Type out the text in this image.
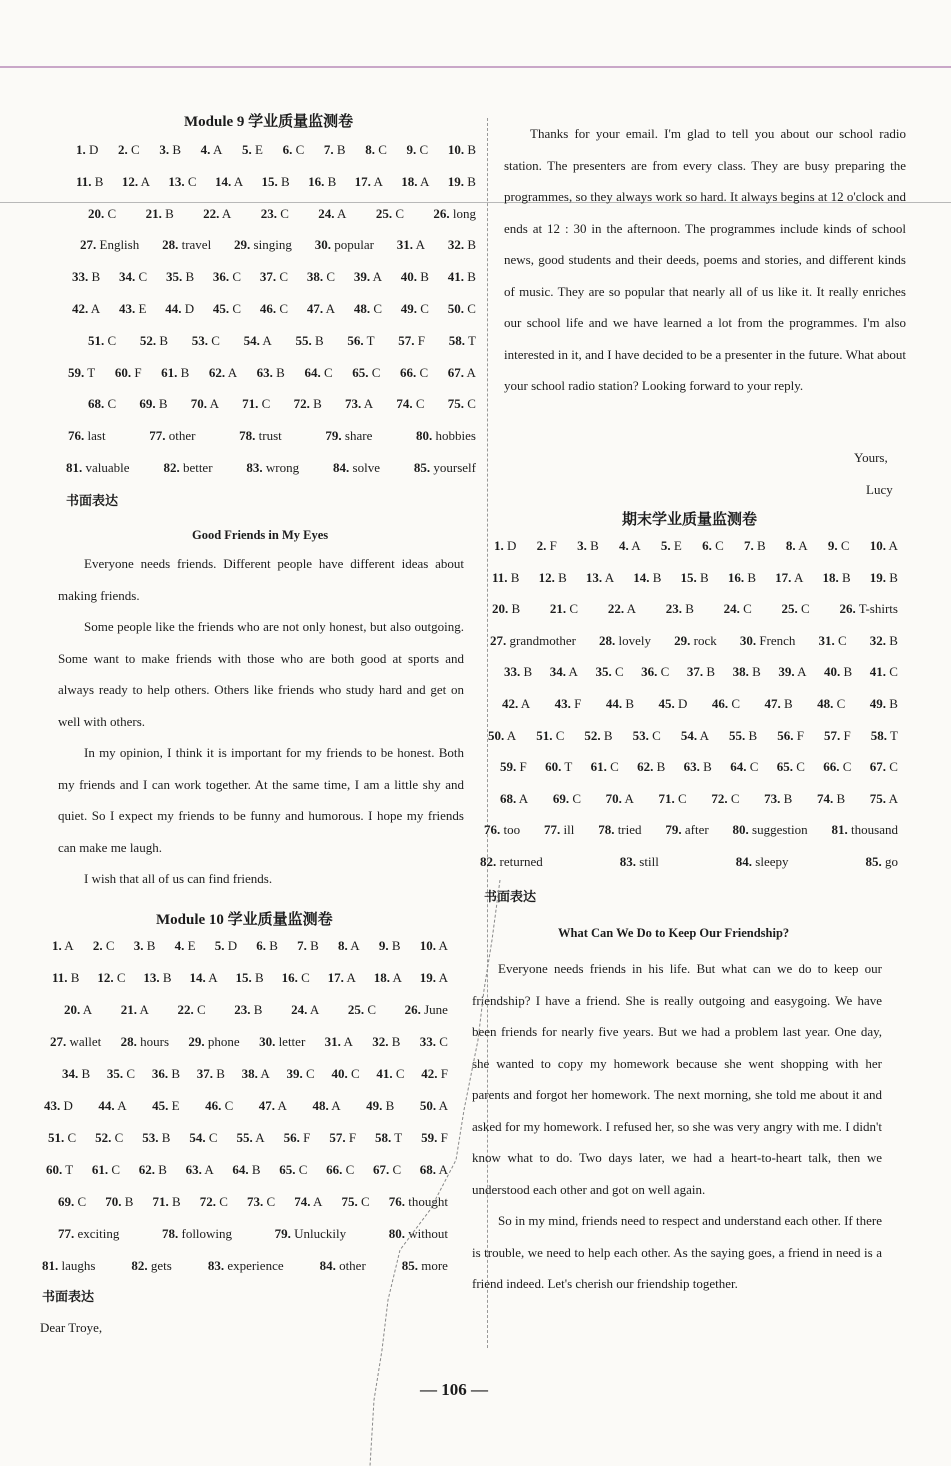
Module 9 学业质量监测卷
1. D 2. C 3. B 4. A 5. E 6. C 7. B 8. C 9. C 10. B
11. B 12. A 13. C 14. A 15. B 16. B 17. A 18. A 19. B
20. C 21. B 22. A 23. C 24. A 25. C 26. long
27. English 28. travel 29. singing 30. popular 31. A 32. B
33. B 34. C 35. B 36. C 37. C 38. C 39. A 40. B 41. B
42. A 43. E 44. D 45. C 46. C 47. A 48. C 49. C 50. C
51. C 52. B 53. C 54. A 55. B 56. T 57. F 58. T
59. T 60. F 61. B 62. A 63. B 64. C 65. C 66. C 67. A
68. C 69. B 70. A 71. C 72. B 73. A 74. C 75. C
76. last	77. other	78. trust	79. share	80. hobbies
81. valuable	82. better	83. wrong	84. solve	85. yourself
书面表达
Good Friends in My Eyes

Everyone needs friends. Different people have different ideas about making friends.

Some people like the friends who are not only honest, but also outgoing. Some want to make friends with those who are both good at sports and always ready to help others. Others like friends who study hard and get on well with others.

In my opinion, I think it is important for my friends to be honest. Both my friends and I can work together. At the same time, I am a little shy and quiet. So I expect my friends to be funny and humorous. I hope my friends can make me laugh.

I wish that all of us can find friends.

Module 10 学业质量监测卷
1. A 2. C 3. B 4. E 5. D 6. B 7. B 8. A 9. B 10. A
11. B 12. C 13. B 14. A 15. B 16. C 17. A 18. A 19. A
20. A 21. A 22. C 23. B 24. A 25. C 26. June
27. wallet 28. hours 29. phone 30. letter 31. A 32. B 33. C
34. B 35. C 36. B 37. B 38. A 39. C 40. C 41. C 42. F
43. D 44. A 45. E 46. C 47. A 48. A 49. B 50. A
51. C 52. C 53. B 54. C 55. A 56. F 57. F 58. T 59. F
60. T 61. C 62. B 63. A 64. B 65. C 66. C 67. C 68. A
69. C 70. B 71. B 72. C 73. C 74. A 75. C 76. thought
77. exciting	78. following	79. Unluckily	80. without
81. laughs	82. gets	83. experience	84. other	85. more
书面表达
Dear Troye,

Thanks for your email. I'm glad to tell you about our school radio station. The presenters are from every class. They are busy preparing the programmes, so they always work so hard. It always begins at 12 o'clock and ends at 12 : 30 in the afternoon. The programmes include kinds of school news, good students and their deeds, poems and stories, and different kinds of music. They are so popular that nearly all of us like it. It really enriches our school life and we have learned a lot from the programmes. I'm also interested in it, and I have decided to be a presenter in the future. What about your school radio station? Looking forward to your reply.

Yours,
Lucy
期末学业质量监测卷
1. D 2. F 3. B 4. A 5. E 6. C 7. B 8. A 9. C 10. A
11. B 12. B 13. A 14. B 15. B 16. B 17. A 18. B 19. B
20. B 21. C 22. A 23. B 24. C 25. C 26. T-shirts
27. grandmother 28. lovely 29. rock 30. French 31. C 32. B
33. B 34. A 35. C 36. C 37. B 38. B 39. A 40. B 41. C
42. A 43. F 44. B 45. D 46. C 47. B 48. C 49. B
50. A 51. C 52. B 53. C 54. A 55. B 56. F 57. F 58. T
59. F 60. T 61. C 62. B 63. B 64. C 65. C 66. C 67. C
68. A 69. C 70. A 71. C 72. C 73. B 74. B 75. A
76. too 77. ill 78. tried 79. after 80. suggestion 81. thousand
82. returned	83. still	84. sleepy	85. go
书面表达
What Can We Do to Keep Our Friendship?

Everyone needs friends in his life. But what can we do to keep our friendship? I have a friend. She is really outgoing and easygoing. We have been friends for nearly five years. But we had a problem last year. One day, she wanted to copy my homework because she went shopping with her parents and forgot her homework. The next morning, she told me about it and asked for my homework. I refused her, so she was very angry with me. I didn't know what to do. Two days later, we had a heart-to-heart talk, then we understood each other and got on well again.

So in my mind, friends need to respect and understand each other. If there is trouble, we need to help each other. As the saying goes, a friend in need is a friend indeed. Let's cherish our friendship together.

— 106 —
